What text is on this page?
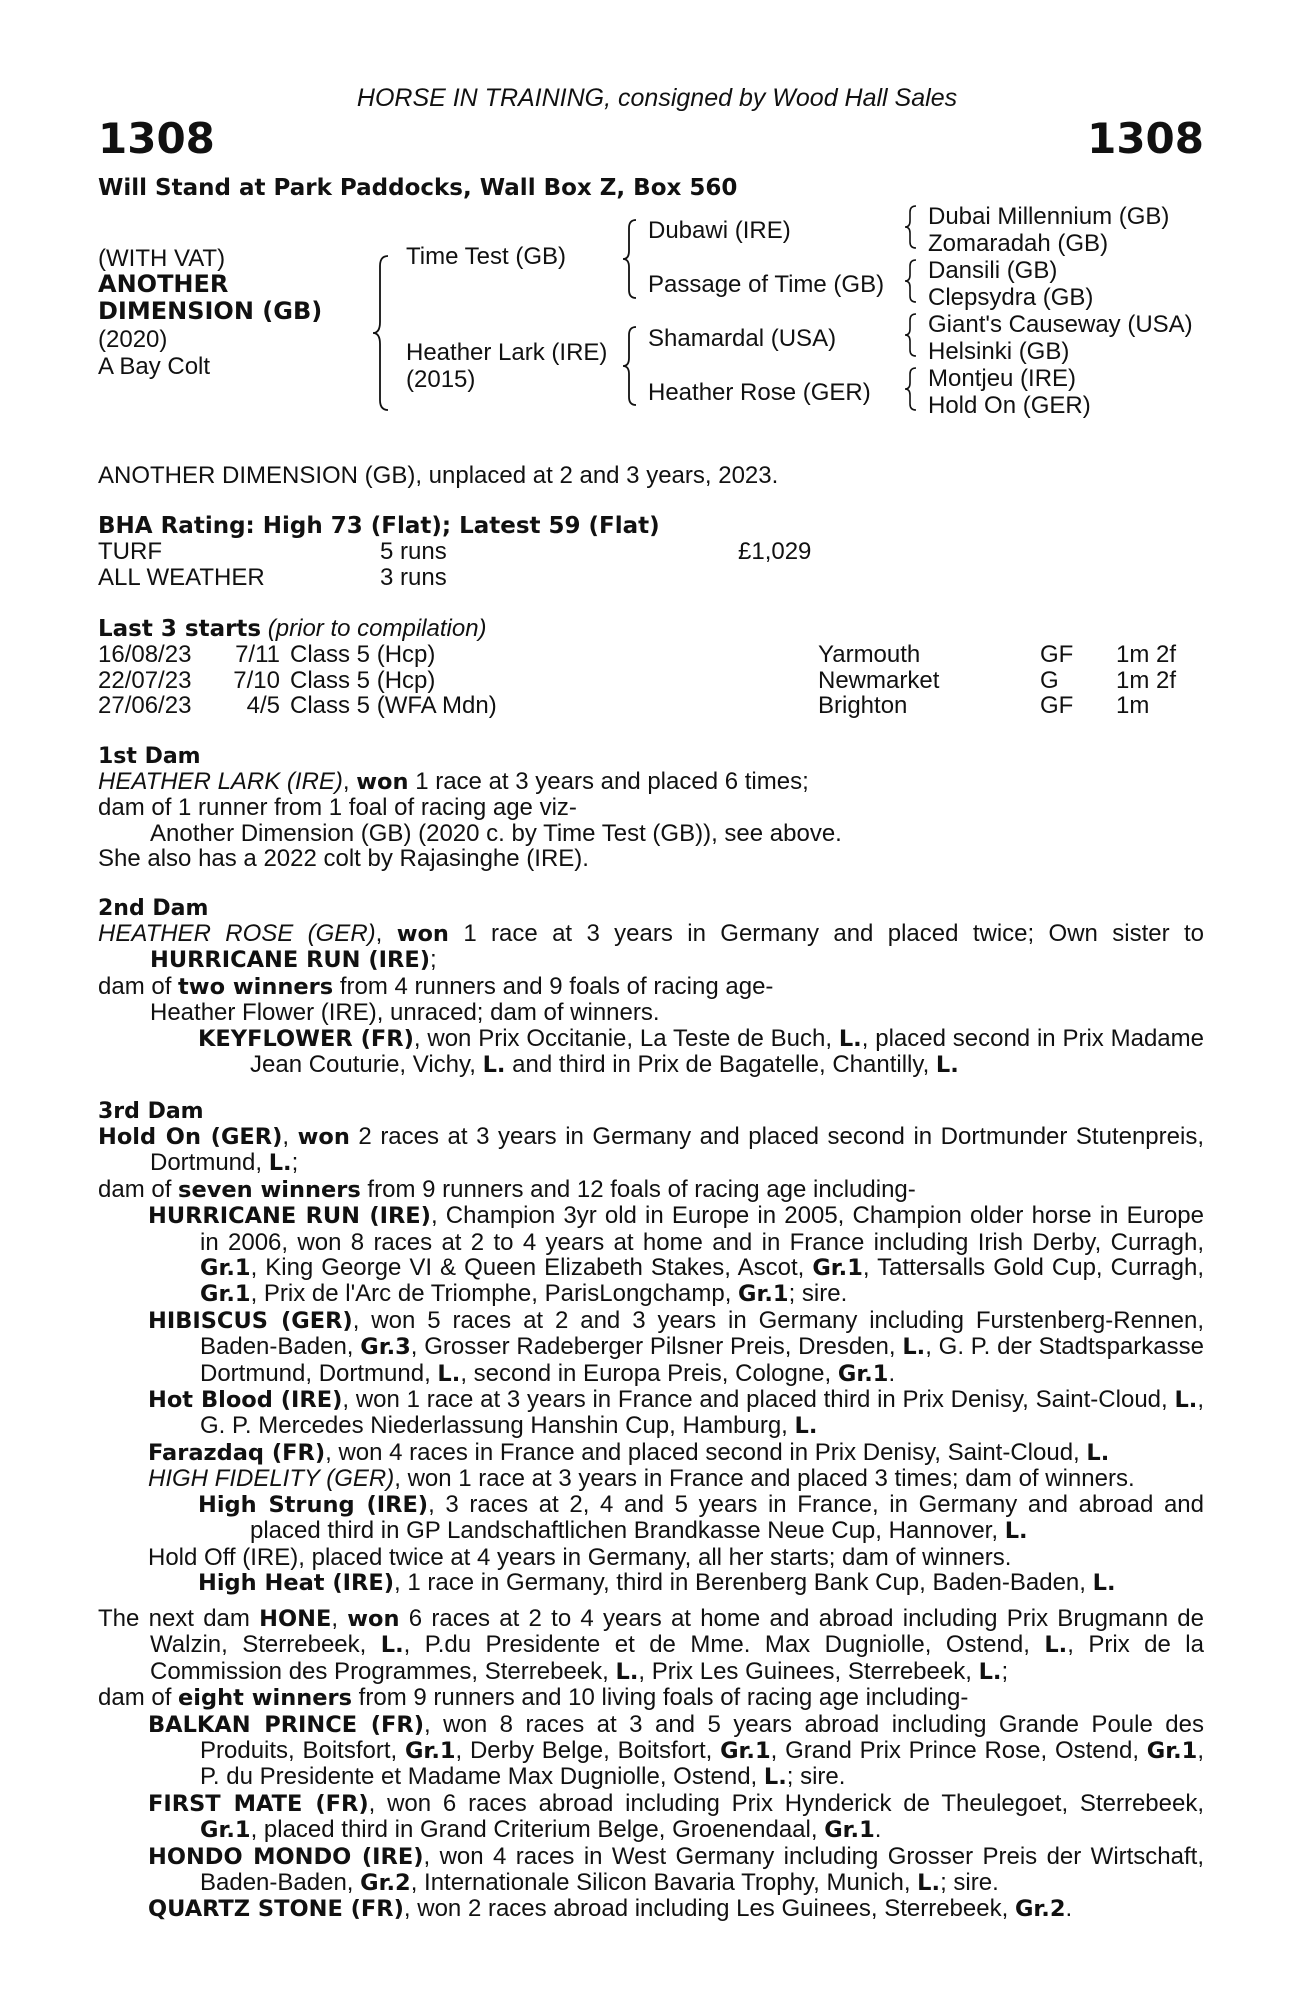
HORSE IN TRAINING, consigned by Wood Hall Sales
1308	1308
Will Stand at Park Paddocks, Wall Box Z, Box 560
(WITH VAT)
ANOTHER
DIMENSION (GB)
(2020)
A Bay Colt
Time Test (GB)
Heather Lark (IRE)
(2015)
Dubawi (IRE)
Passage of Time (GB)
Shamardal (USA)
Heather Rose (GER)
Dubai Millennium (GB)
Zomaradah (GB)
Dansili (GB)
Clepsydra (GB)
Giant's Causeway (USA)
Helsinki (GB)
Montjeu (IRE)
Hold On (GER)
ANOTHER DIMENSION (GB), unplaced at 2 and 3 years, 2023.
BHA Rating: High 73 (Flat); Latest 59 (Flat)
TURF	5 runs	£1,029
ALL WEATHER	3 runs
Last 3 starts (prior to compilation)
16/08/23	7/11 Class 5 (Hcp)	Yarmouth	GF 1m 2f
22/07/23	7/10 Class 5 (Hcp)	Newmarket	G 1m 2f
27/06/23	4/5 Class 5 (WFA Mdn)	Brighton	GF 1m

1st Dam

HEATHER LARK (IRE), won 1 race at 3 years and placed 6 times;

dam of 1 runner from 1 foal of racing age viz-

Another Dimension (GB) (2020 c. by Time Test (GB)), see above.

She also has a 2022 colt by Rajasinghe (IRE).

2nd Dam

HEATHER ROSE (GER), won 1 race at 3 years in Germany and placed twice; Own sister to HURRICANE RUN (IRE);

dam of two winners from 4 runners and 9 foals of racing age-

Heather Flower (IRE), unraced; dam of winners.

KEYFLOWER (FR), won Prix Occitanie, La Teste de Buch, L., placed second in Prix Madame Jean Couturie, Vichy, L. and third in Prix de Bagatelle, Chantilly, L.

3rd Dam

Hold On (GER), won 2 races at 3 years in Germany and placed second in Dortmunder Stutenpreis, Dortmund, L.;

dam of seven winners from 9 runners and 12 foals of racing age including-

HURRICANE RUN (IRE), Champion 3yr old in Europe in 2005, Champion older horse in Europe in 2006, won 8 races at 2 to 4 years at home and in France including Irish Derby, Curragh, Gr.1, King George VI & Queen Elizabeth Stakes, Ascot, Gr.1, Tattersalls Gold Cup, Curragh, Gr.1, Prix de l'Arc de Triomphe, ParisLongchamp, Gr.1; sire.

HIBISCUS (GER), won 5 races at 2 and 3 years in Germany including Furstenberg-Rennen, Baden-Baden, Gr.3, Grosser Radeberger Pilsner Preis, Dresden, L., G. P. der Stadtsparkasse Dortmund, Dortmund, L., second in Europa Preis, Cologne, Gr.1.

Hot Blood (IRE), won 1 race at 3 years in France and placed third in Prix Denisy, Saint-Cloud, L., G. P. Mercedes Niederlassung Hanshin Cup, Hamburg, L.

Farazdaq (FR), won 4 races in France and placed second in Prix Denisy, Saint-Cloud, L.

HIGH FIDELITY (GER), won 1 race at 3 years in France and placed 3 times; dam of winners.

High Strung (IRE), 3 races at 2, 4 and 5 years in France, in Germany and abroad and placed third in GP Landschaftlichen Brandkasse Neue Cup, Hannover, L.

Hold Off (IRE), placed twice at 4 years in Germany, all her starts; dam of winners.

High Heat (IRE), 1 race in Germany, third in Berenberg Bank Cup, Baden-Baden, L.

The next dam HONE, won 6 races at 2 to 4 years at home and abroad including Prix Brugmann de Walzin, Sterrebeek, L., P.du Presidente et de Mme. Max Dugniolle, Ostend, L., Prix de la Commission des Programmes, Sterrebeek, L., Prix Les Guinees, Sterrebeek, L.;

dam of eight winners from 9 runners and 10 living foals of racing age including-

BALKAN PRINCE (FR), won 8 races at 3 and 5 years abroad including Grande Poule des Produits, Boitsfort, Gr.1, Derby Belge, Boitsfort, Gr.1, Grand Prix Prince Rose, Ostend, Gr.1, P. du Presidente et Madame Max Dugniolle, Ostend, L.; sire.

FIRST MATE (FR), won 6 races abroad including Prix Hynderick de Theulegoet, Sterrebeek, Gr.1, placed third in Grand Criterium Belge, Groenendaal, Gr.1.

HONDO MONDO (IRE), won 4 races in West Germany including Grosser Preis der Wirtschaft, Baden-Baden, Gr.2, Internationale Silicon Bavaria Trophy, Munich, L.; sire.

QUARTZ STONE (FR), won 2 races abroad including Les Guinees, Sterrebeek, Gr.2.
